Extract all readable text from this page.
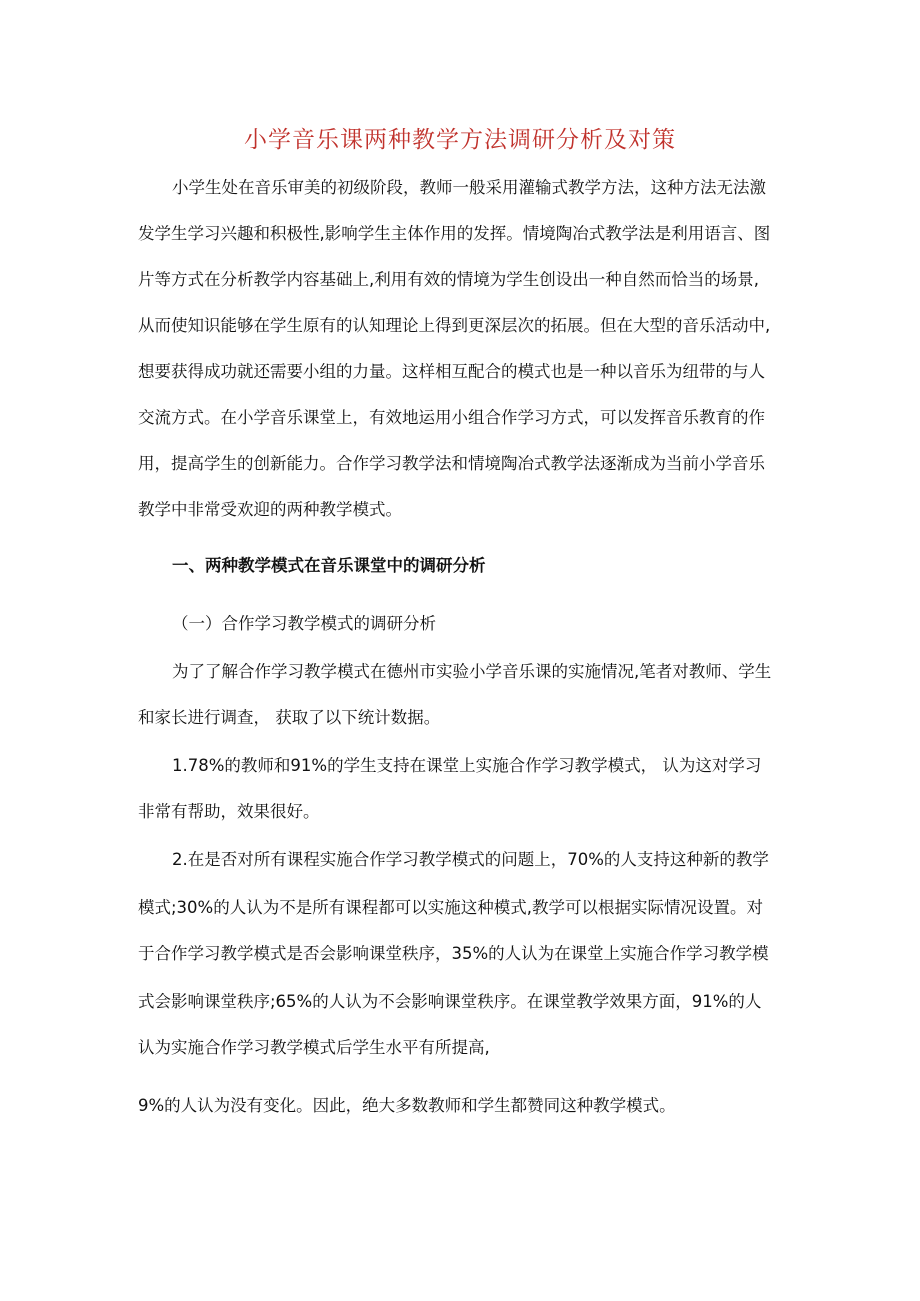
小学音乐课两种教学方法调研分析及对策
小学生处在音乐审美的初级阶段，教师一般采用灌输式教学方法，这种方法无法激
发学生学习兴趣和积极性,影响学生主体作用的发挥。情境陶冶式教学法是利用语言、图
片等方式在分析教学内容基础上,利用有效的情境为学生创设出一种自然而恰当的场景,
从而使知识能够在学生原有的认知理论上得到更深层次的拓展。但在大型的音乐活动中,
想要获得成功就还需要小组的力量。这样相互配合的模式也是一种以音乐为纽带的与人
交流方式。在小学音乐课堂上，有效地运用小组合作学习方式，可以发挥音乐教育的作
用，提高学生的创新能力。合作学习教学法和情境陶冶式教学法逐渐成为当前小学音乐
教学中非常受欢迎的两种教学模式。
一、两种教学模式在音乐课堂中的调研分析
（一）合作学习教学模式的调研分析
为了了解合作学习教学模式在德州市实验小学音乐课的实施情况,笔者对教师、学生
和家长进行调查， 获取了以下统计数据。
1.78%的教师和91%的学生支持在课堂上实施合作学习教学模式， 认为这对学习
非常有帮助，效果很好。
2.在是否对所有课程实施合作学习教学模式的问题上，70%的人支持这种新的教学
模式;30%的人认为不是所有课程都可以实施这种模式,教学可以根据实际情况设置。对
于合作学习教学模式是否会影响课堂秩序，35%的人认为在课堂上实施合作学习教学模
式会影响课堂秩序;65%的人认为不会影响课堂秩序。在课堂教学效果方面，91%的人
认为实施合作学习教学模式后学生水平有所提高,
9%的人认为没有变化。因此，绝大多数教师和学生都赞同这种教学模式。
